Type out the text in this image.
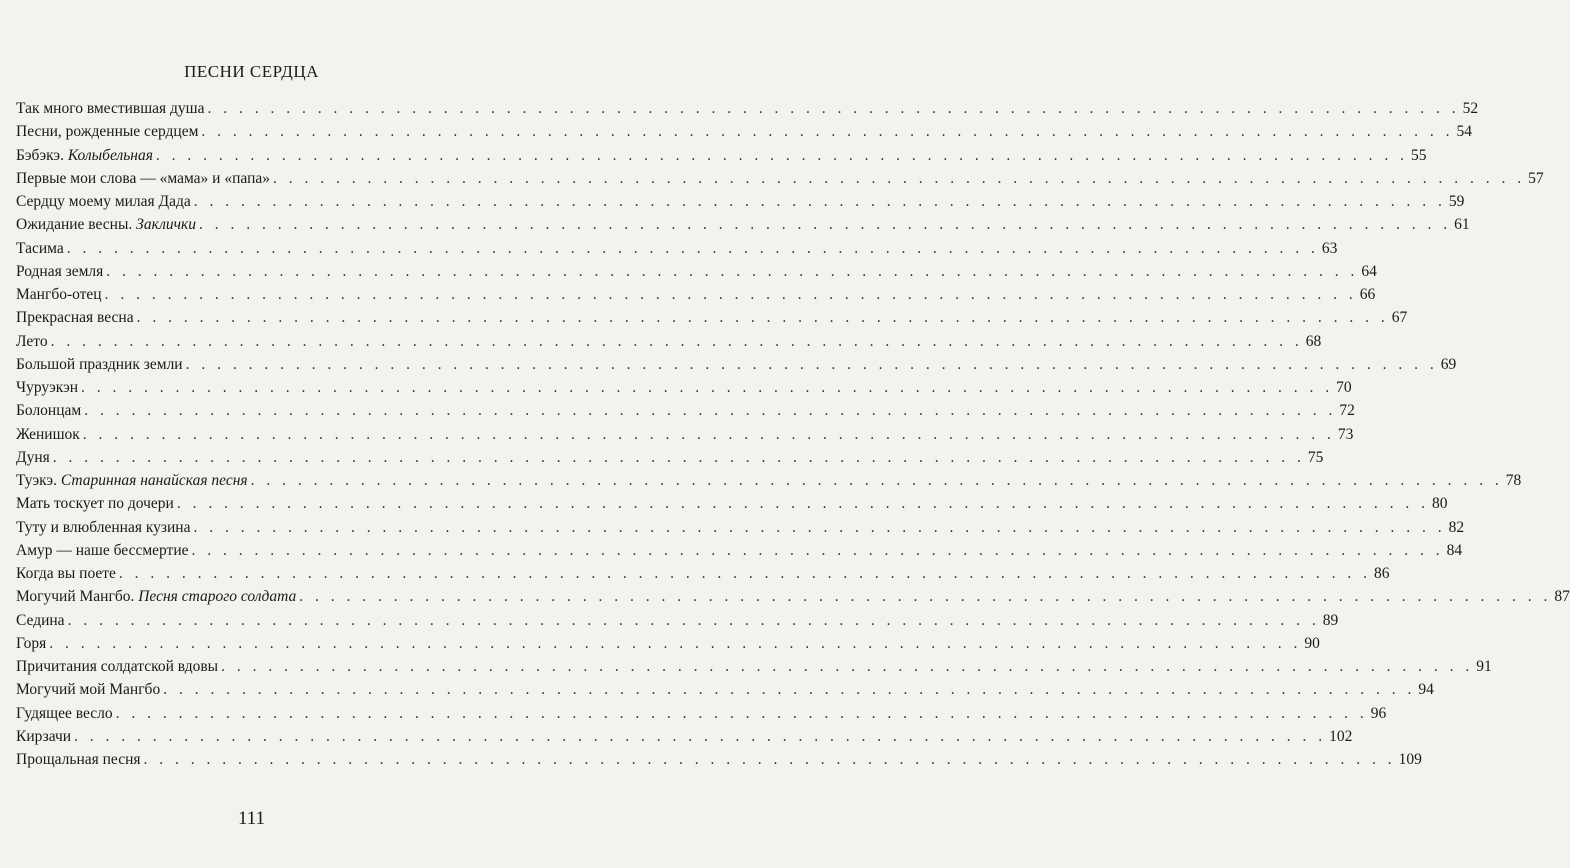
ПЕСНИ СЕРДЦА
Так много вместившая душа . . . . . . . . . . . . . . . . . . . . . . . . . . . . . . . . . . . . . . . . . . . . . . . . . . . . . . . . . . . . . . . . . . . . . . . . . . . . . . . . 52
Песни, рожденные сердцем . . . . . . . . . . . . . . . . . . . . . . . . . . . . . . . . . . . . . . . . . . . . . . . . . . . . . . . . . . . . . . . . . . . . . . . . . . . . . . . . 54
Бэбэкэ. Колыбельная . . . . . . . . . . . . . . . . . . . . . . . . . . . . . . . . . . . . . . . . . . . . . . . . . . . . . . . . . . . . . . . . . . . . . . . . . . . . . . . . 55
Первые мои слова — «мама» и «папа» . . . . . . . . . . . . . . . . . . . . . . . . . . . . . . . . . . . . . . . . . . . . . . . . . . . . . . . . . . . . . . . . . . . . . . . . . . . . . . . . 57
Сердцу моему милая Дада . . . . . . . . . . . . . . . . . . . . . . . . . . . . . . . . . . . . . . . . . . . . . . . . . . . . . . . . . . . . . . . . . . . . . . . . . . . . . . . . 59
Ожидание весны. Заклички . . . . . . . . . . . . . . . . . . . . . . . . . . . . . . . . . . . . . . . . . . . . . . . . . . . . . . . . . . . . . . . . . . . . . . . . . . . . . . . . 61
Тасима . . . . . . . . . . . . . . . . . . . . . . . . . . . . . . . . . . . . . . . . . . . . . . . . . . . . . . . . . . . . . . . . . . . . . . . . . . . . . . . . 63
Родная земля . . . . . . . . . . . . . . . . . . . . . . . . . . . . . . . . . . . . . . . . . . . . . . . . . . . . . . . . . . . . . . . . . . . . . . . . . . . . . . . . 64
Мангбо-отец . . . . . . . . . . . . . . . . . . . . . . . . . . . . . . . . . . . . . . . . . . . . . . . . . . . . . . . . . . . . . . . . . . . . . . . . . . . . . . . . 66
Прекрасная весна . . . . . . . . . . . . . . . . . . . . . . . . . . . . . . . . . . . . . . . . . . . . . . . . . . . . . . . . . . . . . . . . . . . . . . . . . . . . . . . . 67
Лето . . . . . . . . . . . . . . . . . . . . . . . . . . . . . . . . . . . . . . . . . . . . . . . . . . . . . . . . . . . . . . . . . . . . . . . . . . . . . . . . 68
Большой праздник земли . . . . . . . . . . . . . . . . . . . . . . . . . . . . . . . . . . . . . . . . . . . . . . . . . . . . . . . . . . . . . . . . . . . . . . . . . . . . . . . . 69
Чуруэкэн . . . . . . . . . . . . . . . . . . . . . . . . . . . . . . . . . . . . . . . . . . . . . . . . . . . . . . . . . . . . . . . . . . . . . . . . . . . . . . . . 70
Болонцам . . . . . . . . . . . . . . . . . . . . . . . . . . . . . . . . . . . . . . . . . . . . . . . . . . . . . . . . . . . . . . . . . . . . . . . . . . . . . . . . 72
Женишок . . . . . . . . . . . . . . . . . . . . . . . . . . . . . . . . . . . . . . . . . . . . . . . . . . . . . . . . . . . . . . . . . . . . . . . . . . . . . . . . 73
Дуня . . . . . . . . . . . . . . . . . . . . . . . . . . . . . . . . . . . . . . . . . . . . . . . . . . . . . . . . . . . . . . . . . . . . . . . . . . . . . . . . 75
Туэкэ. Старинная нанайская песня . . . . . . . . . . . . . . . . . . . . . . . . . . . . . . . . . . . . . . . . . . . . . . . . . . . . . . . . . . . . . . . . . . . . . . . . . . . . . . . . 78
Мать тоскует по дочери . . . . . . . . . . . . . . . . . . . . . . . . . . . . . . . . . . . . . . . . . . . . . . . . . . . . . . . . . . . . . . . . . . . . . . . . . . . . . . . . 80
Туту и влюбленная кузина . . . . . . . . . . . . . . . . . . . . . . . . . . . . . . . . . . . . . . . . . . . . . . . . . . . . . . . . . . . . . . . . . . . . . . . . . . . . . . . . 82
Амур — наше бессмертие . . . . . . . . . . . . . . . . . . . . . . . . . . . . . . . . . . . . . . . . . . . . . . . . . . . . . . . . . . . . . . . . . . . . . . . . . . . . . . . . 84
Когда вы поете . . . . . . . . . . . . . . . . . . . . . . . . . . . . . . . . . . . . . . . . . . . . . . . . . . . . . . . . . . . . . . . . . . . . . . . . . . . . . . . . 86
Могучий Мангбо. Песня старого солдата . . . . . . . . . . . . . . . . . . . . . . . . . . . . . . . . . . . . . . . . . . . . . . . . . . . . . . . . . . . . . . . . . . . . . . . . . . . . . . . . 87
Седина . . . . . . . . . . . . . . . . . . . . . . . . . . . . . . . . . . . . . . . . . . . . . . . . . . . . . . . . . . . . . . . . . . . . . . . . . . . . . . . . 89
Горя . . . . . . . . . . . . . . . . . . . . . . . . . . . . . . . . . . . . . . . . . . . . . . . . . . . . . . . . . . . . . . . . . . . . . . . . . . . . . . . . 90
Причитания солдатской вдовы . . . . . . . . . . . . . . . . . . . . . . . . . . . . . . . . . . . . . . . . . . . . . . . . . . . . . . . . . . . . . . . . . . . . . . . . . . . . . . . . 91
Могучий мой Мангбо . . . . . . . . . . . . . . . . . . . . . . . . . . . . . . . . . . . . . . . . . . . . . . . . . . . . . . . . . . . . . . . . . . . . . . . . . . . . . . . . 94
Гудящее весло . . . . . . . . . . . . . . . . . . . . . . . . . . . . . . . . . . . . . . . . . . . . . . . . . . . . . . . . . . . . . . . . . . . . . . . . . . . . . . . . 96
Кирзачи . . . . . . . . . . . . . . . . . . . . . . . . . . . . . . . . . . . . . . . . . . . . . . . . . . . . . . . . . . . . . . . . . . . . . . . . . . . . . . . . 102
Прощальная песня . . . . . . . . . . . . . . . . . . . . . . . . . . . . . . . . . . . . . . . . . . . . . . . . . . . . . . . . . . . . . . . . . . . . . . . . . . . . . . . . 109
111
